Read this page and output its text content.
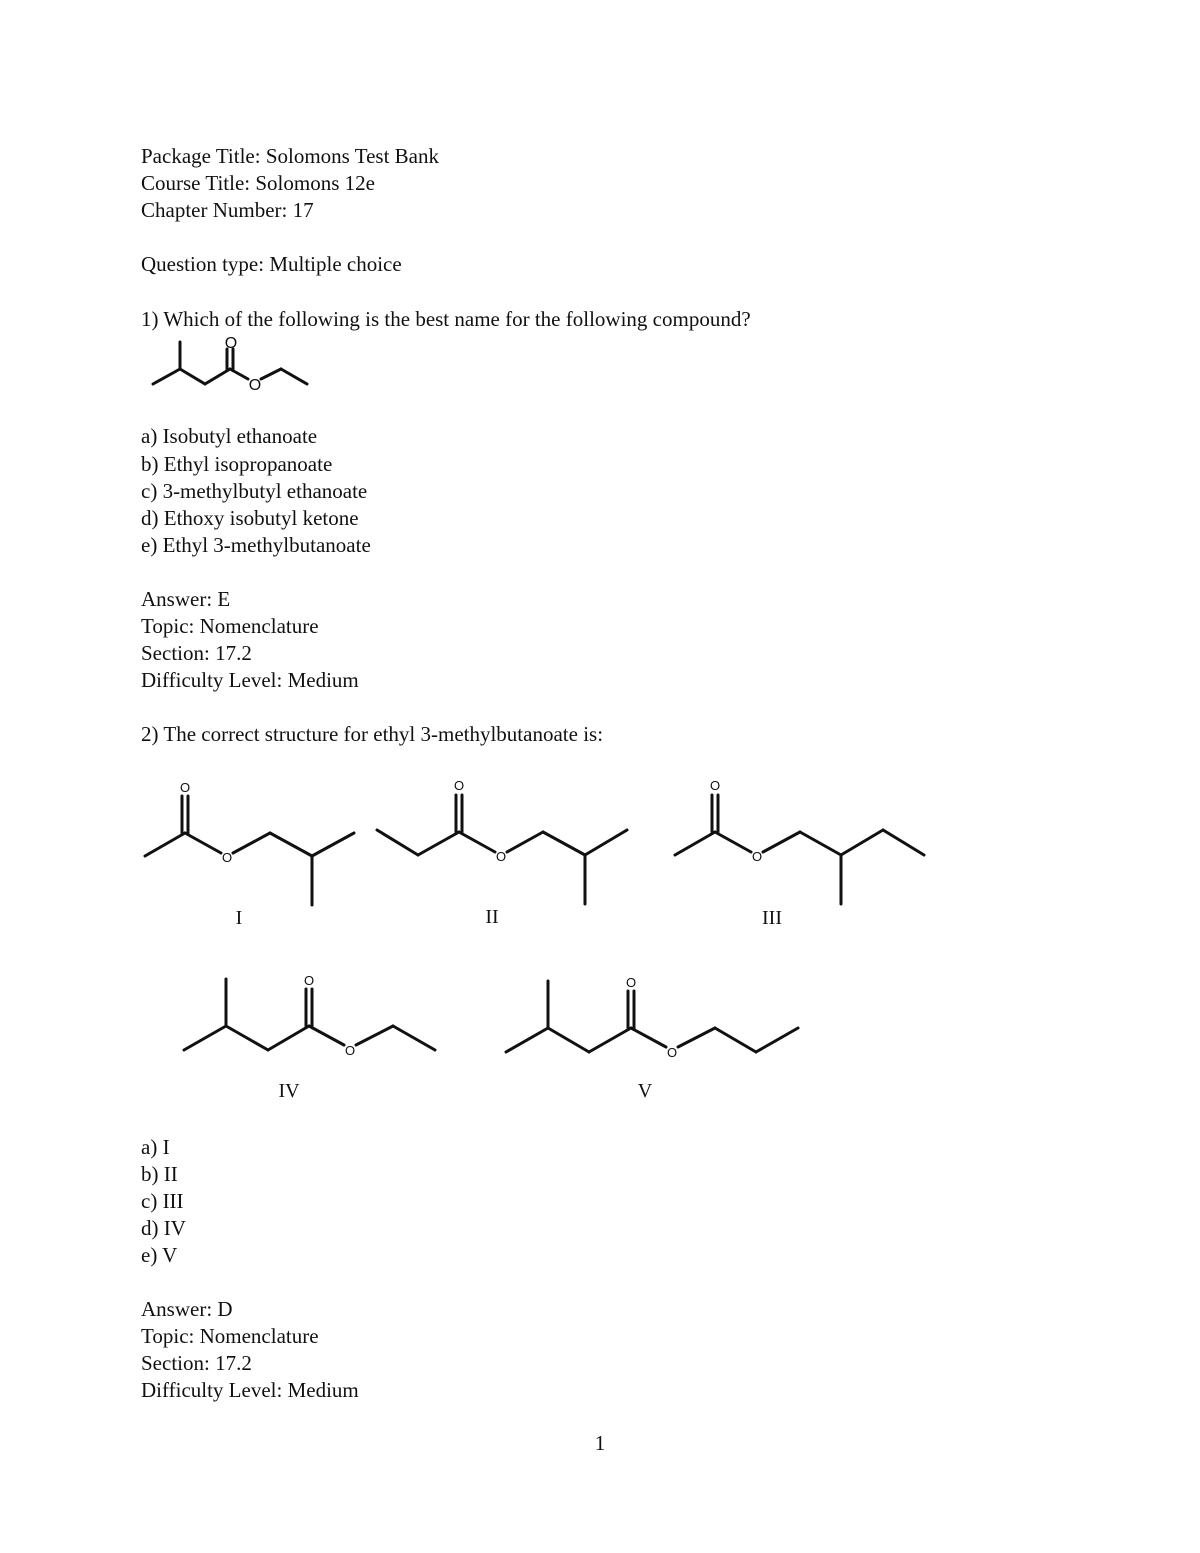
Package Title: Solomons Test Bank
Course Title: Solomons 12e
Chapter Number: 17
Question type: Multiple choice
1) Which of the following is the best name for the following compound?
O
O
a) Isobutyl ethanoate
b) Ethyl isopropanoate
c) 3-methylbutyl ethanoate
d) Ethoxy isobutyl ketone
e) Ethyl 3-methylbutanoate
Answer: E
Topic: Nomenclature
Section: 17.2
Difficulty Level: Medium
2) The correct structure for ethyl 3-methylbutanoate is:
O
O
I
O
O
II
O
O
III
O
O
IV
O
O
V
a) I
b) II
c) III
d) IV
e) V
Answer: D
Topic: Nomenclature
Section: 17.2
Difficulty Level: Medium
1
